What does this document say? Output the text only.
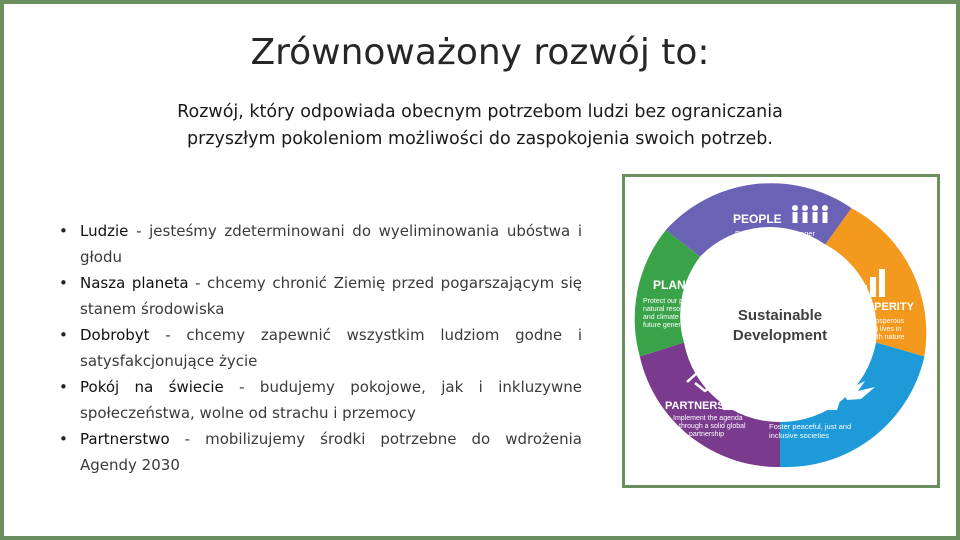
Zrównoważony rozwój to:
Rozwój, który odpowiada obecnym potrzebom ludzi bez ograniczania
przyszłym pokoleniom możliwości do zaspokojenia swoich potrzeb.
• Ludzie - jesteśmy zdeterminowani do wyeliminowania ubóstwa i głodu
• Nasza planeta - chcemy chronić Ziemię przed pogarszającym się stanem środowiska
• Dobrobyt - chcemy zapewnić wszystkim ludziom godne i satysfakcjonujące życie
• Pokój na świecie - budujemy pokojowe, jak i inkluzywne społeczeństwa, wolne od strachu i przemocy
• Partnerstwo - mobilizujemy środki potrzebne do wdrożenia Agendy 2030
Sustainable
Development
PEOPLE
End poverty and hunger
in all forms and ensure
dignity and equality
PLANET
Protect our planet's
natural resources
and climate for
future generations
PROSPERITY
Ensure prosperous
and fulfilling lives in
harmony with nature
PEACE
Foster peaceful, just and
inclusive societies
PARTNERSHIP
Implement the agenda
through a solid global
partnership
